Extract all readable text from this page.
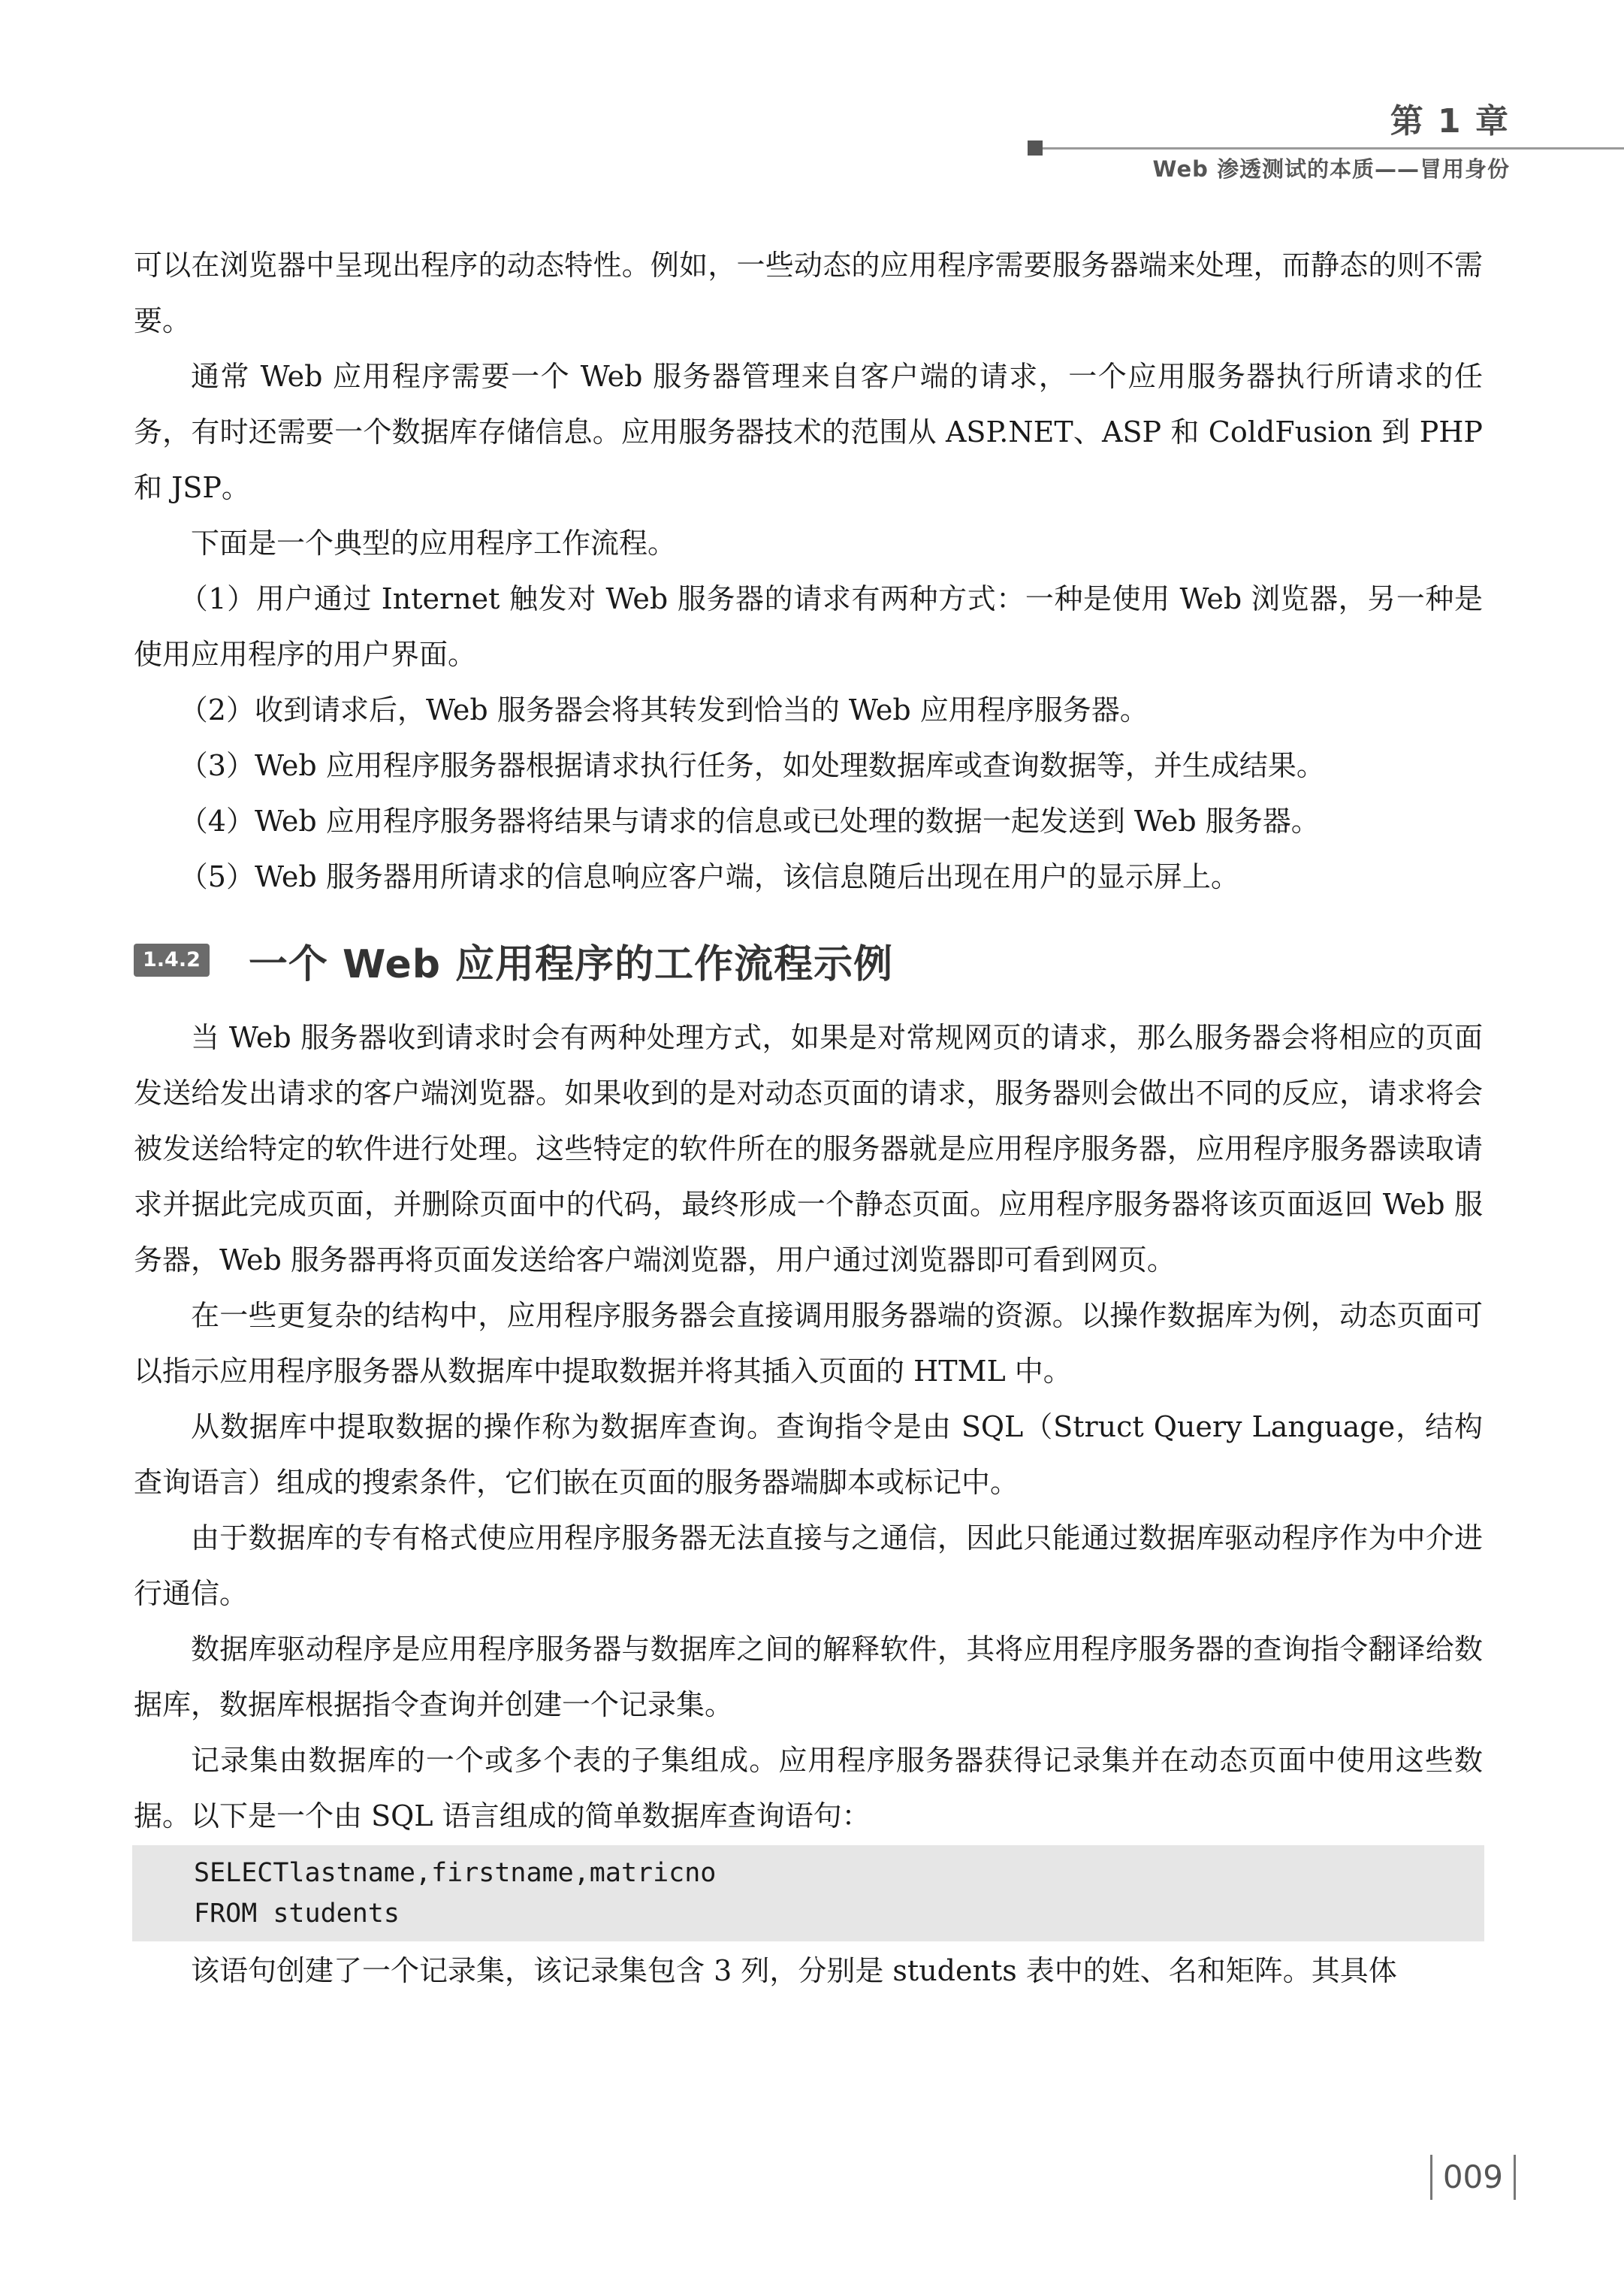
第 1 章
Web 渗透测试的本质——冒用身份

可以在浏览器中呈现出程序的动态特性。例如，一些动态的应用程序需要服务器端来处理，而静态的则不需要。

通常 Web 应用程序需要一个 Web 服务器管理来自客户端的请求，一个应用服务器执行所请求的任务，有时还需要一个数据库存储信息。应用服务器技术的范围从 ASP.NET、ASP 和 ColdFusion 到 PHP 和 JSP。

下面是一个典型的应用程序工作流程。

（1）用户通过 Internet 触发对 Web 服务器的请求有两种方式：一种是使用 Web 浏览器，另一种是使用应用程序的用户界面。

（2）收到请求后，Web 服务器会将其转发到恰当的 Web 应用程序服务器。

（3）Web 应用程序服务器根据请求执行任务，如处理数据库或查询数据等，并生成结果。

（4）Web 应用程序服务器将结果与请求的信息或已处理的数据一起发送到 Web 服务器。

（5）Web 服务器用所请求的信息响应客户端，该信息随后出现在用户的显示屏上。

1.4.2 一个 Web 应用程序的工作流程示例

当 Web 服务器收到请求时会有两种处理方式，如果是对常规网页的请求，那么服务器会将相应的页面发送给发出请求的客户端浏览器。如果收到的是对动态页面的请求，服务器则会做出不同的反应，请求将会被发送给特定的软件进行处理。这些特定的软件所在的服务器就是应用程序服务器，应用程序服务器读取请求并据此完成页面，并删除页面中的代码，最终形成一个静态页面。应用程序服务器将该页面返回 Web 服务器，Web 服务器再将页面发送给客户端浏览器，用户通过浏览器即可看到网页。

在一些更复杂的结构中，应用程序服务器会直接调用服务器端的资源。以操作数据库为例，动态页面可以指示应用程序服务器从数据库中提取数据并将其插入页面的 HTML 中。

从数据库中提取数据的操作称为数据库查询。查询指令是由 SQL（Struct Query Language，结构查询语言）组成的搜索条件，它们嵌在页面的服务器端脚本或标记中。

由于数据库的专有格式使应用程序服务器无法直接与之通信，因此只能通过数据库驱动程序作为中介进行通信。

数据库驱动程序是应用程序服务器与数据库之间的解释软件，其将应用程序服务器的查询指令翻译给数据库，数据库根据指令查询并创建一个记录集。

记录集由数据库的一个或多个表的子集组成。应用程序服务器获得记录集并在动态页面中使用这些数据。以下是一个由 SQL 语言组成的简单数据库查询语句：

SELECTlastname,firstname,matricno
FROM students

该语句创建了一个记录集，该记录集包含 3 列，分别是 students 表中的姓、名和矩阵。其具体

009
